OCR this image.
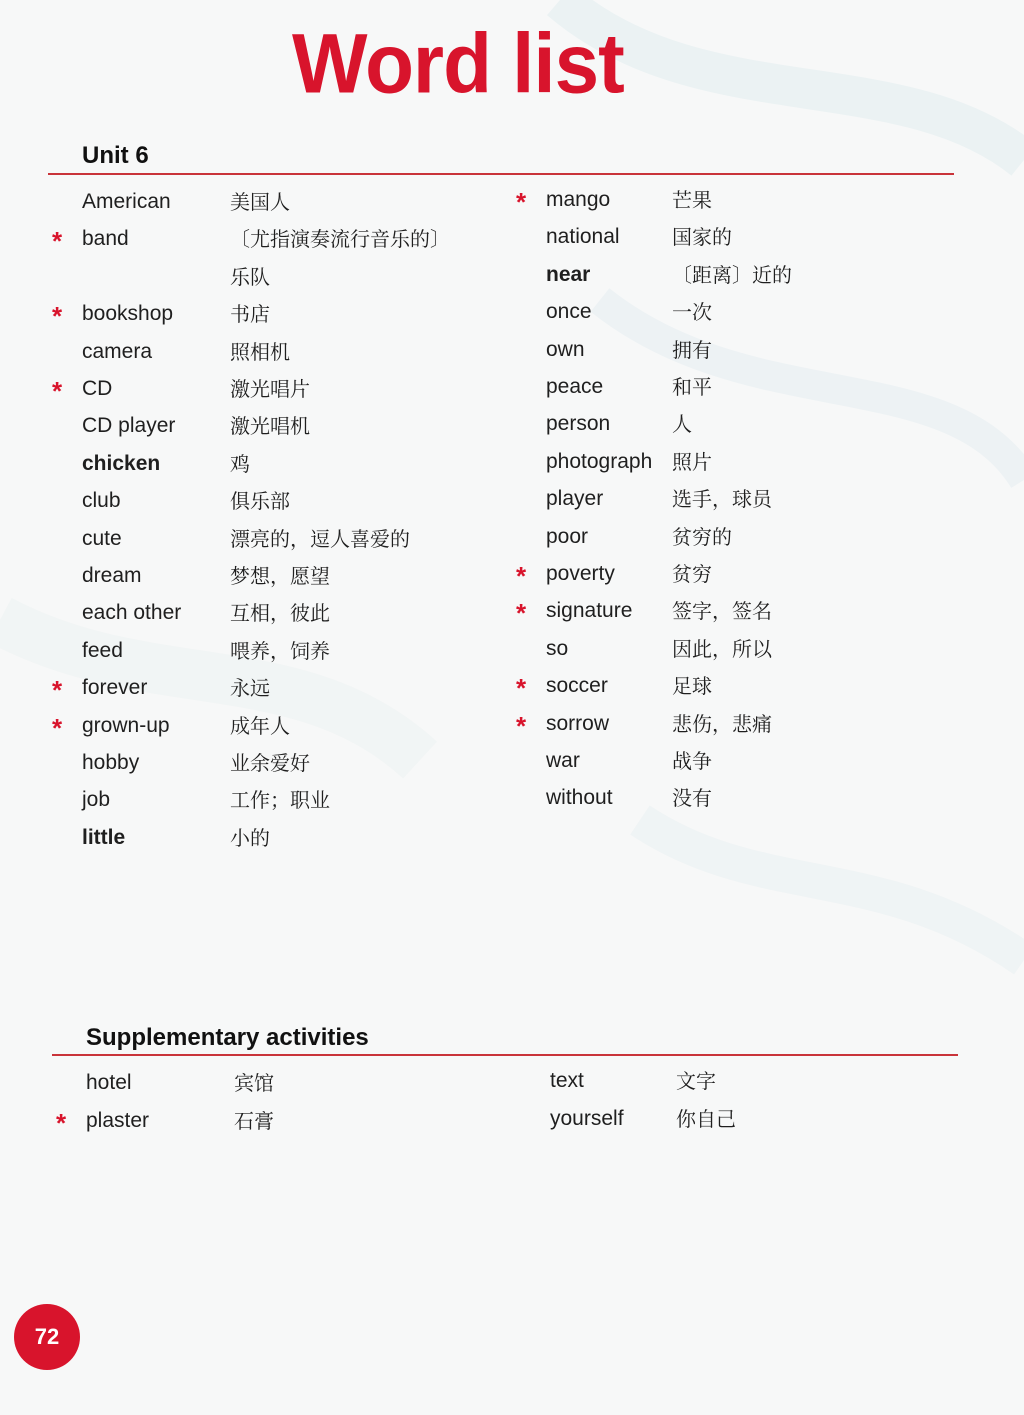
Word list
Unit 6
American	美国人
* band	〔尤指演奏流行音乐的〕
乐队
* bookshop	书店
camera	照相机
* CD	激光唱片
CD player	激光唱机
chicken	鸡
club	俱乐部
cute	漂亮的，逗人喜爱的
dream	梦想，愿望
each other 互相，彼此
feed	喂养，饲养
* forever	永远
* grown-up	成年人
hobby	业余爱好
job	工作；职业
little	小的
* mango	芒果
national	国家的
near	〔距离〕近的
once	一次
own	拥有
peace	和平
person	人
photograph 照片
player	选手，球员
poor	贫穷的
* poverty	贫穷
* signature 签字，签名
so	因此，所以
* soccer	足球
* sorrow	悲伤，悲痛
war	战争
without	没有
Supplementary activities
hotel	宾馆
* plaster	石膏
text	文字
yourself	你自己
72
